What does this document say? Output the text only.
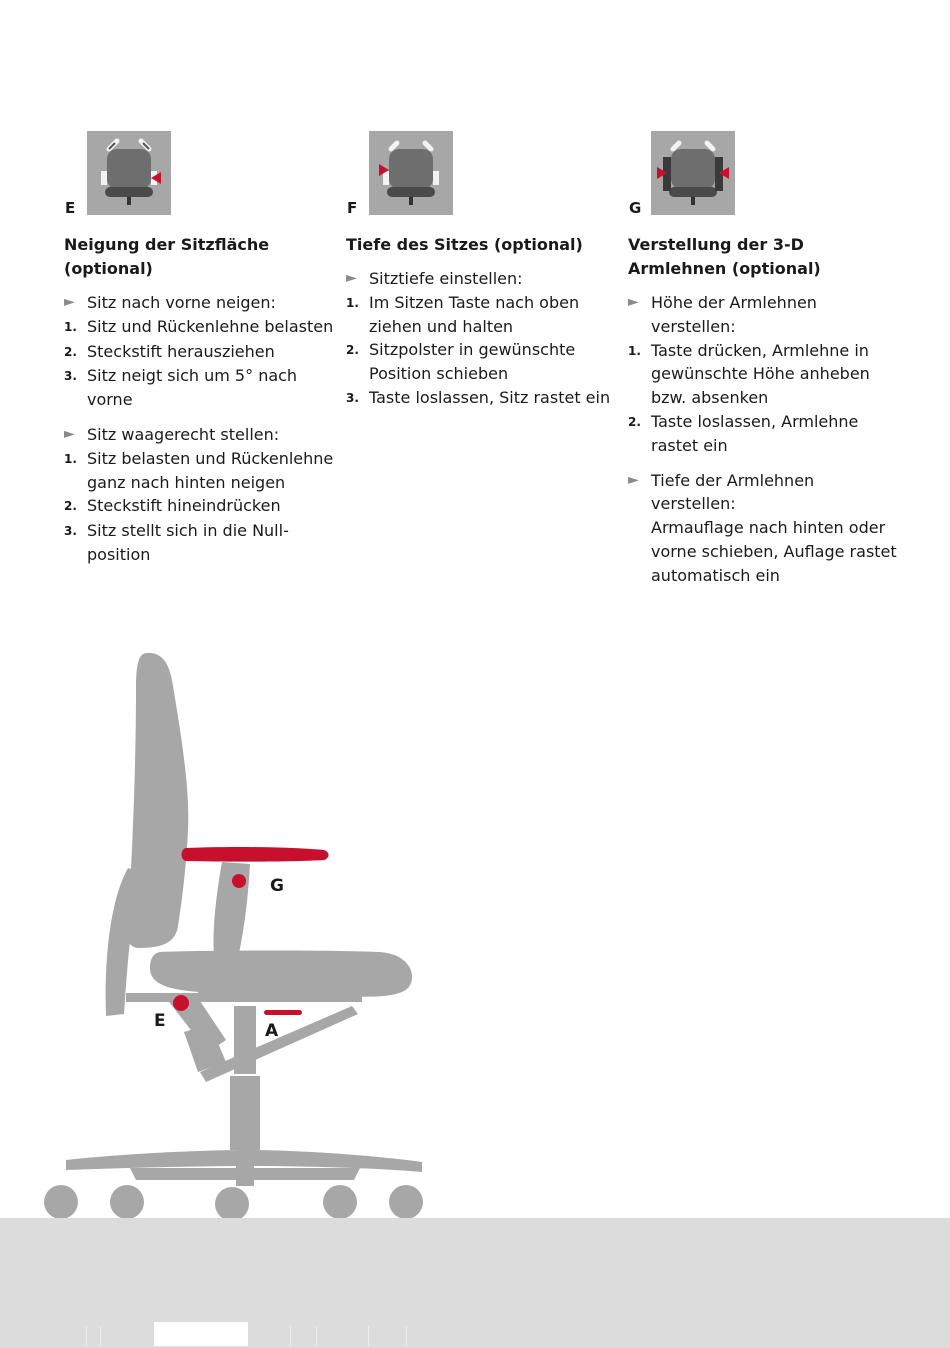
E
Neigung der Sitzfläche (optional)
► Sitz nach vorne neigen:
1. Sitz und Rückenlehne belasten
2. Steckstift herausziehen
3. Sitz neigt sich um 5° nach vorne
► Sitz waagerecht stellen:
1. Sitz belasten und Rückenlehne ganz nach hinten neigen
2. Steckstift hineindrücken
3. Sitz stellt sich in die Null-position
F
Tiefe des Sitzes (optional)
► Sitztiefe einstellen:
1. Im Sitzen Taste nach oben ziehen und halten
2. Sitzpolster in gewünschte Position schieben
3. Taste loslassen, Sitz rastet ein
G
Verstellung der 3-D Armlehnen (optional)
► Höhe der Armlehnen verstellen:
1. Taste drücken, Armlehne in gewünschte Höhe anheben bzw. absenken
2. Taste loslassen, Armlehne rastet ein
► Tiefe der Armlehnen verstellen:
Armauflage nach hinten oder vorne schieben, Auflage rastet automatisch ein
G
E	A
